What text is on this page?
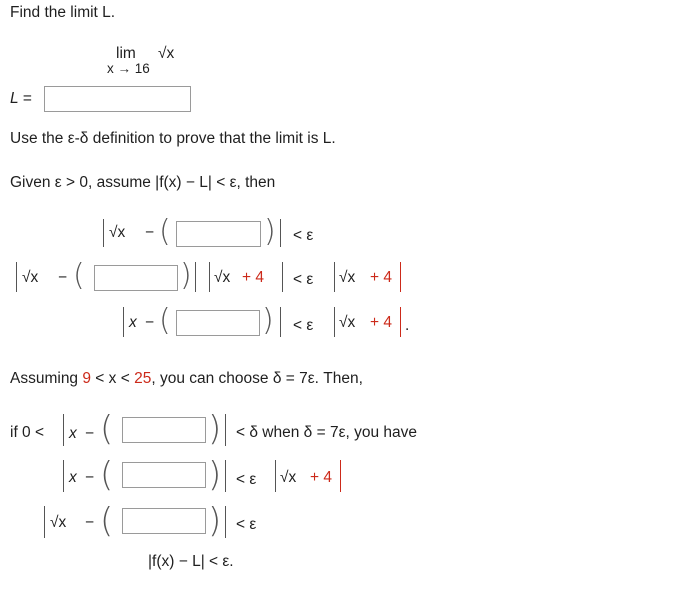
Find the limit L.
lim
x → 16
√x
L =
Use the ε-δ definition to prove that the limit is L.
Given ε > 0, assume |f(x) − L| < ε, then
√x − (	) < ε
√x − (	) √x + 4 < ε √x + 4
x − (	) < ε √x + 4 .
Assuming 9 < x < 25, you can choose δ = 7ε. Then,
if 0 < x − (	) < δ when δ = 7ε, you have
x − (	) < ε √x + 4
√x − (	) < ε
|f(x) − L| < ε.
